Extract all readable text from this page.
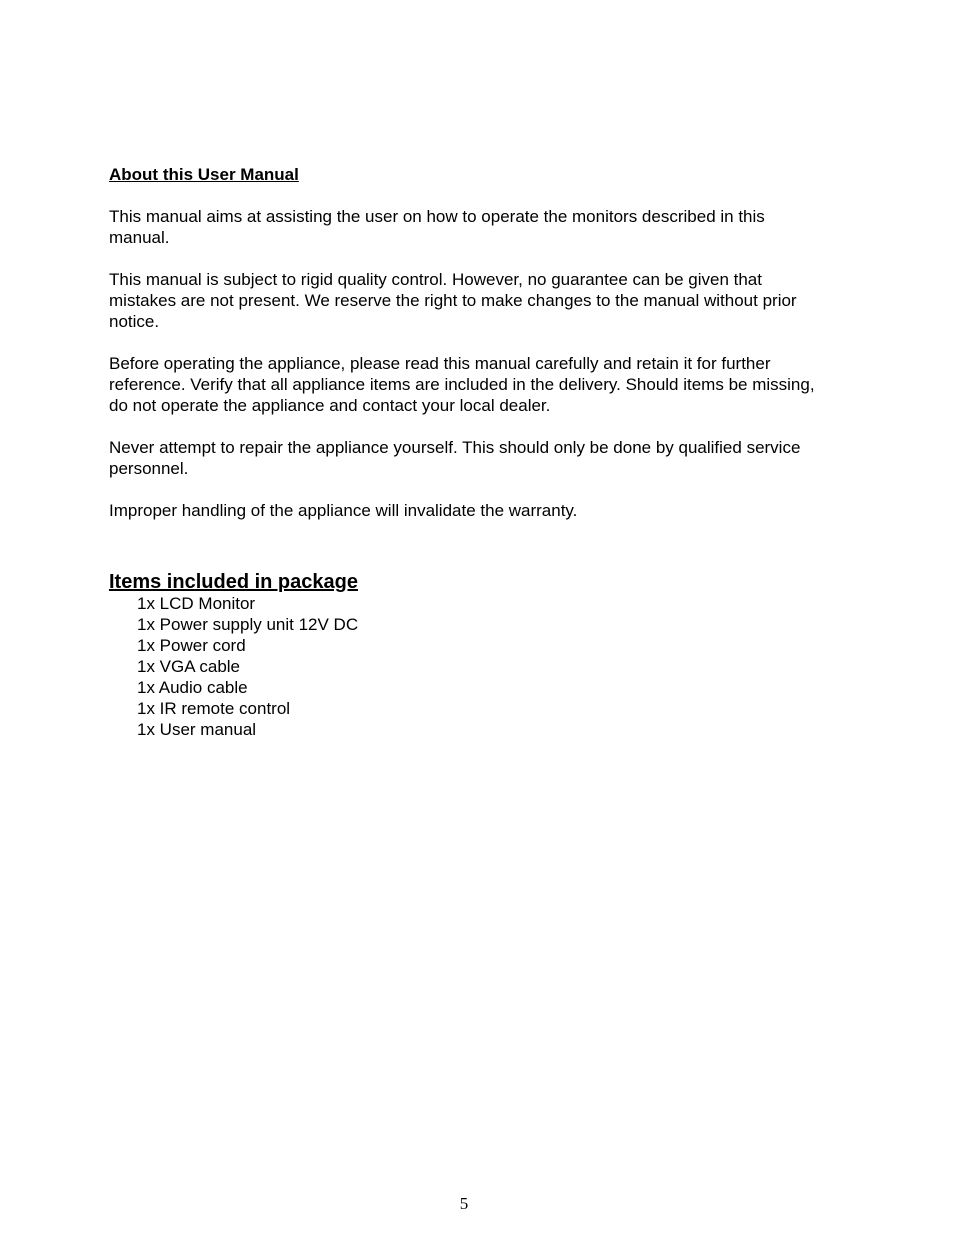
About this User Manual

This manual aims at assisting the user on how to operate the monitors described in this manual.

This manual is subject to rigid quality control. However, no guarantee can be given that mistakes are not present. We reserve the right to make changes to the manual without prior notice.

Before operating the appliance, please read this manual carefully and retain it for further reference. Verify that all appliance items are included in the delivery. Should items be missing, do not operate the appliance and contact your local dealer.

Never attempt to repair the appliance yourself. This should only be done by qualified service personnel.

Improper handling of the appliance will invalidate the warranty.

Items included in package
1x LCD Monitor
1x Power supply unit 12V DC
1x Power cord
1x VGA cable
1x Audio cable
1x IR remote control
1x User manual
5
